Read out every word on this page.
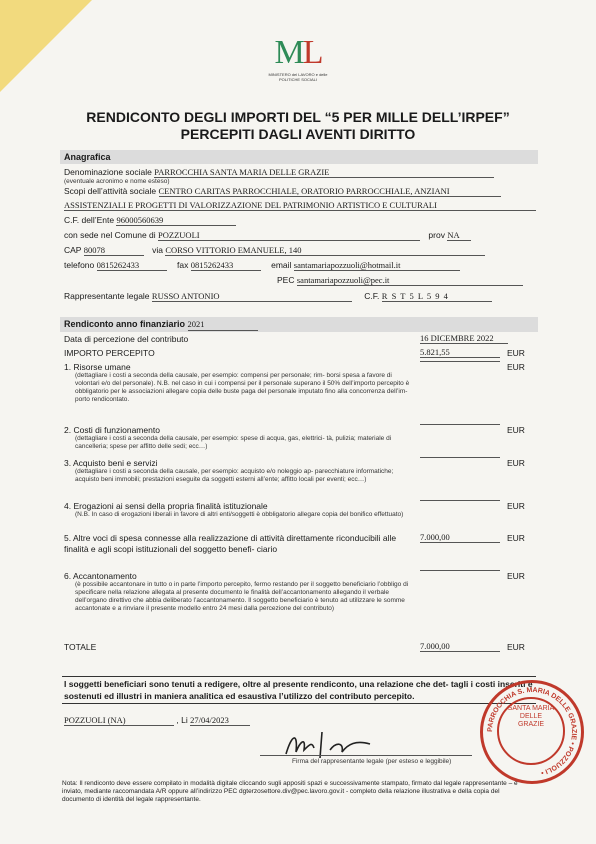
ML
MINISTERO del LAVORO e delle POLITICHE SOCIALI
RENDICONTO DEGLI IMPORTI DEL “5 PER MILLE DELL’IRPEF”
PERCEPITI DAGLI AVENTI DIRITTO
Anagrafica
Denominazione sociale PARROCCHIA SANTA MARIA DELLE GRAZIE
(eventuale acronimo e nome esteso)
Scopi dell’attività sociale CENTRO CARITAS PARROCCHIALE, ORATORIO PARROCCHIALE, ANZIANI
ASSISTENZIALI E PROGETTI DI VALORIZZAZIONE DEL PATRIMONIO ARTISTICO E CULTURALI
C.F. dell’Ente 96000560639
con sede nel Comune di POZZUOLI	prov NA
CAP 80078	via CORSO VITTORIO EMANUELE, 140
telefono 0815262433	fax 0815262433	email santamariapozzuoli@hotmail.it
PEC santamariapozzuoli@pec.it
Rappresentante legale RUSSO ANTONIO	C.F. R S T 5 L 5 9 4
Rendiconto anno finanziario 2021
Data di percezione del contributo	16 DICEMBRE 2022
IMPORTO PERCEPITO	5.821,55	EUR
1. Risorse umane
(dettagliare i costi a seconda della causale, per esempio: compensi per personale; rim- borsi spesa a favore di volontari e/o del personale). N.B. nel caso in cui i compensi per il personale superano il 50% dell’importo percepito è obbligatorio per le associazioni allegare copia delle buste paga del personale imputato fino alla concorrenza dell’im- porto rendicontato.
EUR
2. Costi di funzionamento
(dettagliare i costi a seconda della causale, per esempio: spese di acqua, gas, elettrici- tà, pulizia; materiale di cancelleria; spese per affitto delle sedi; ecc…)
EUR
3. Acquisto beni e servizi
(dettagliare i costi a seconda della causale, per esempio: acquisto e/o noleggio ap- parecchiature informatiche; acquisto beni immobili; prestazioni eseguite da soggetti esterni all’ente; affitto locali per eventi; ecc…)
EUR
4. Erogazioni ai sensi della propria finalità istituzionale
(N.B. In caso di erogazioni liberali in favore di altri enti/soggetti è obbligatorio allegare copia del bonifico effettuato)
EUR
5. Altre voci di spesa connesse alla realizzazione di attività direttamente riconducibili alle finalità e agli scopi istituzionali del soggetto benefi- ciario
7.000,00	EUR
6. Accantonamento
(è possibile accantonare in tutto o in parte l’importo percepito, fermo restando per il soggetto beneficiario l’obbligo di specificare nella relazione allegata al presente documento le finalità dell’accantonamento allegando il verbale dell’organo direttivo che abbia deliberato l’accantonamento. Il soggetto beneficiario è tenuto ad utilizzare le somme accantonate e a rinviare il presente modello entro 24 mesi dalla percezione del contributo)
EUR
TOTALE	7.000,00	EUR
I soggetti beneficiari sono tenuti a redigere, oltre al presente rendiconto, una relazione che det- tagli i costi inseriti e sostenuti ed illustri in maniera analitica ed esaustiva l’utilizzo del contributo percepito.
POZZUOLI (NA)	, Li 27/04/2023
Firma del rappresentante legale (per esteso e leggibile)
PARROCCHIA S. MARIA DELLE GRAZIE • POZZUOLI •
SANTA MARIA DELLE GRAZIE
Nota: Il rendiconto deve essere compilato in modalità digitale cliccando sugli appositi spazi e successivamente stampato, firmato dal legale rappresentante – e inviato, mediante raccomandata A/R oppure all’indirizzo PEC dgterzosettore.div@pec.lavoro.gov.it - completo della relazione illustrativa e della copia del documento di identità del legale rappresentante.
